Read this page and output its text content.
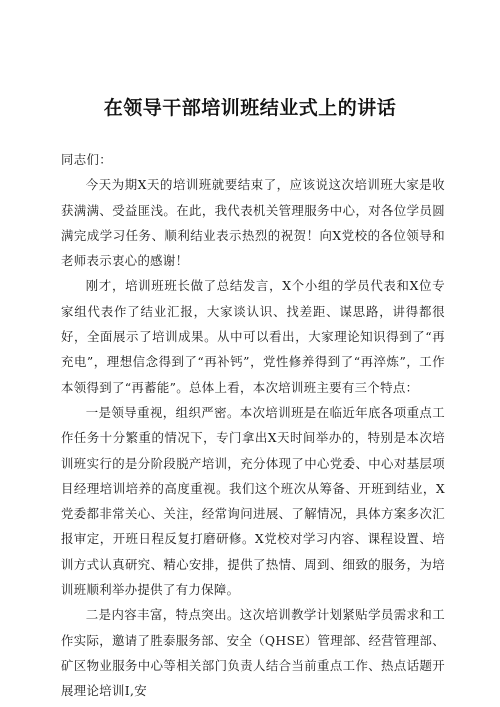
在领导干部培训班结业式上的讲话

同志们：

今天为期X天的培训班就要结束了，应该说这次培训班大家是收获满满、受益匪浅。在此，我代表机关管理服务中心，对各位学员圆满完成学习任务、顺利结业表示热烈的祝贺！向X党校的各位领导和老师表示衷心的感谢！

刚才，培训班班长做了总结发言，X个小组的学员代表和X位专家组代表作了结业汇报，大家谈认识、找差距、谋思路，讲得都很好，全面展示了培训成果。从中可以看出，大家理论知识得到了“再充电”，理想信念得到了“再补钙”，党性修养得到了“再淬炼”，工作本领得到了“再蓄能”。总体上看，本次培训班主要有三个特点：

一是领导重视，组织严密。本次培训班是在临近年底各项重点工作任务十分繁重的情况下，专门拿出X天时间举办的，特别是本次培训班实行的是分阶段脱产培训，充分体现了中心党委、中心对基层项目经理培训培养的高度重视。我们这个班次从筹备、开班到结业，X党委都非常关心、关注，经常询问进展、了解情况，具体方案多次汇报审定，开班日程反复打磨研修。X党校对学习内容、课程设置、培训方式认真研究、精心安排，提供了热情、周到、细致的服务，为培训班顺利举办提供了有力保障。

二是内容丰富，特点突出。这次培训教学计划紧贴学员需求和工作实际，邀请了胜泰服务部、安全（QHSE）管理部、经营管理部、矿区物业服务中心等相关部门负责人结合当前重点工作、热点话题开展理论培训I,安
